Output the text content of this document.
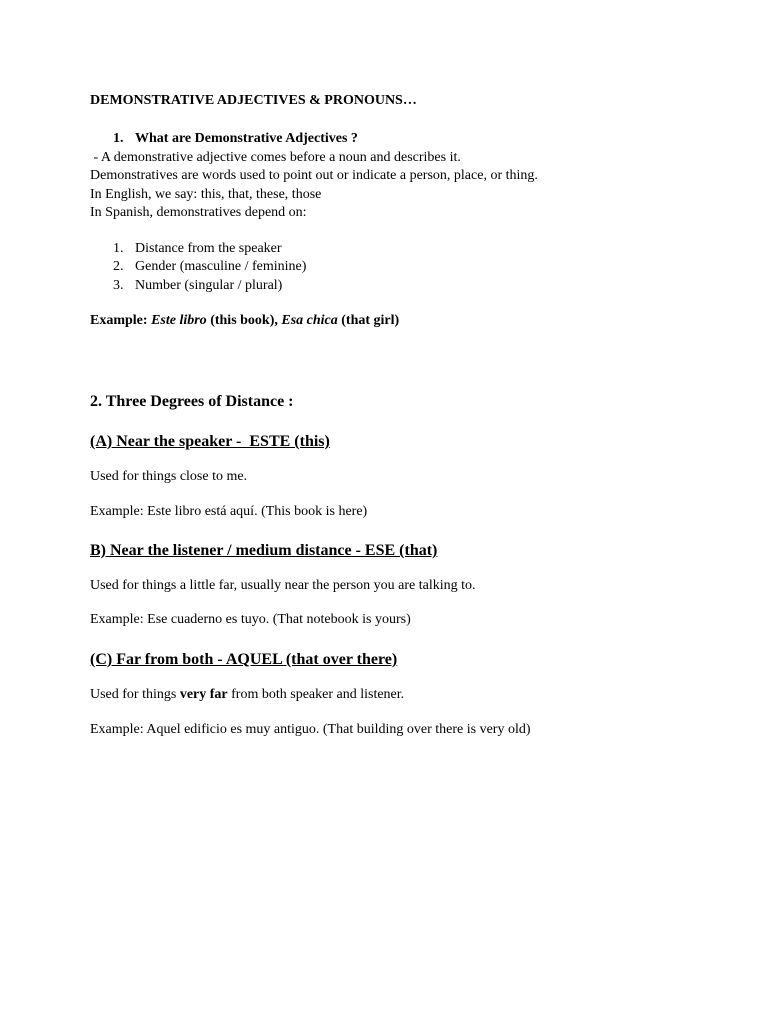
DEMONSTRATIVE ADJECTIVES & PRONOUNS…
1. What are Demonstrative Adjectives ?
- A demonstrative adjective comes before a noun and describes it.
Demonstratives are words used to point out or indicate a person, place, or thing.
In English, we say: this, that, these, those
In Spanish, demonstratives depend on:
1. Distance from the speaker
2. Gender (masculine / feminine)
3. Number (singular / plural)
Example: Este libro (this book), Esa chica (that girl)
2. Three Degrees of Distance :
(A) Near the speaker -  ESTE (this)
Used for things close to me.
Example: Este libro está aquí. (This book is here)
B) Near the listener / medium distance - ESE (that)
Used for things a little far, usually near the person you are talking to.
Example: Ese cuaderno es tuyo. (That notebook is yours)
(C) Far from both - AQUEL (that over there)
Used for things very far from both speaker and listener.
Example: Aquel edificio es muy antiguo. (That building over there is very old)
